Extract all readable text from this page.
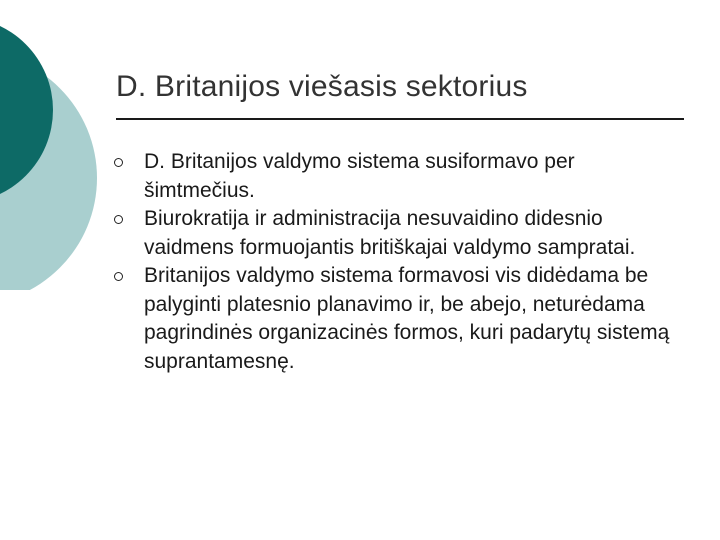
D. Britanijos viešasis sektorius
D. Britanijos valdymo sistema susiformavo per šimtmečius.
Biurokratija ir administracija nesuvaidino didesnio vaidmens formuojantis britiškajai valdymo sampratai.
Britanijos valdymo sistema formavosi vis didėdama be palyginti platesnio planavimo ir, be abejo, neturėdama pagrindinės organizacinės formos, kuri padarytų sistemą suprantamesnę.
